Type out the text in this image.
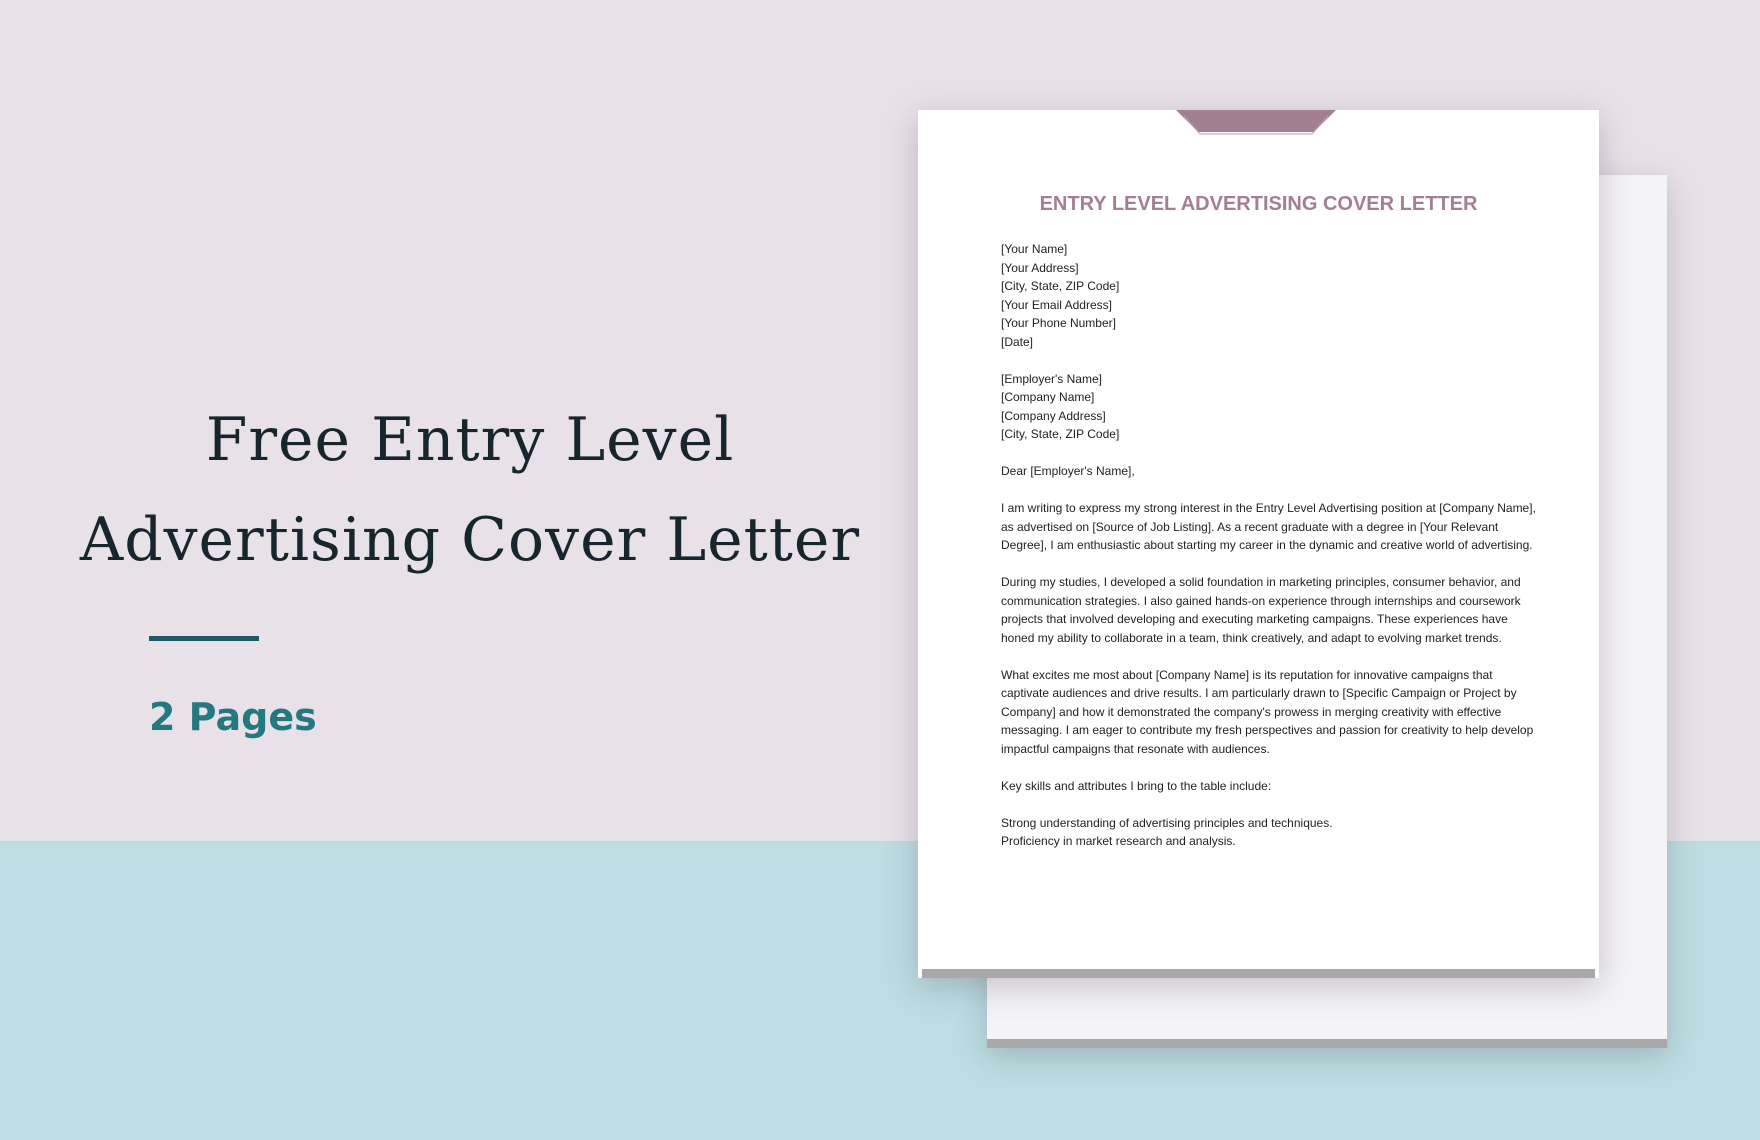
Free Entry Level
Advertising Cover Letter

2 Pages

ENTRY LEVEL ADVERTISING COVER LETTER
[Your Name]
[Your Address]
[City, State, ZIP Code]
[Your Email Address]
[Your Phone Number]
[Date]
[Employer's Name]
[Company Name]
[Company Address]
[City, State, ZIP Code]

Dear [Employer's Name],

I am writing to express my strong interest in the Entry Level Advertising position at [Company Name], as advertised on [Source of Job Listing]. As a recent graduate with a degree in [Your Relevant Degree], I am enthusiastic about starting my career in the dynamic and creative world of advertising.

During my studies, I developed a solid foundation in marketing principles, consumer behavior, and communication strategies. I also gained hands-on experience through internships and coursework projects that involved developing and executing marketing campaigns. These experiences have honed my ability to collaborate in a team, think creatively, and adapt to evolving market trends.

What excites me most about [Company Name] is its reputation for innovative campaigns that captivate audiences and drive results. I am particularly drawn to [Specific Campaign or Project by Company] and how it demonstrated the company's prowess in merging creativity with effective messaging. I am eager to contribute my fresh perspectives and passion for creativity to help develop impactful campaigns that resonate with audiences.

Key skills and attributes I bring to the table include:

Strong understanding of advertising principles and techniques.
Proficiency in market research and analysis.
